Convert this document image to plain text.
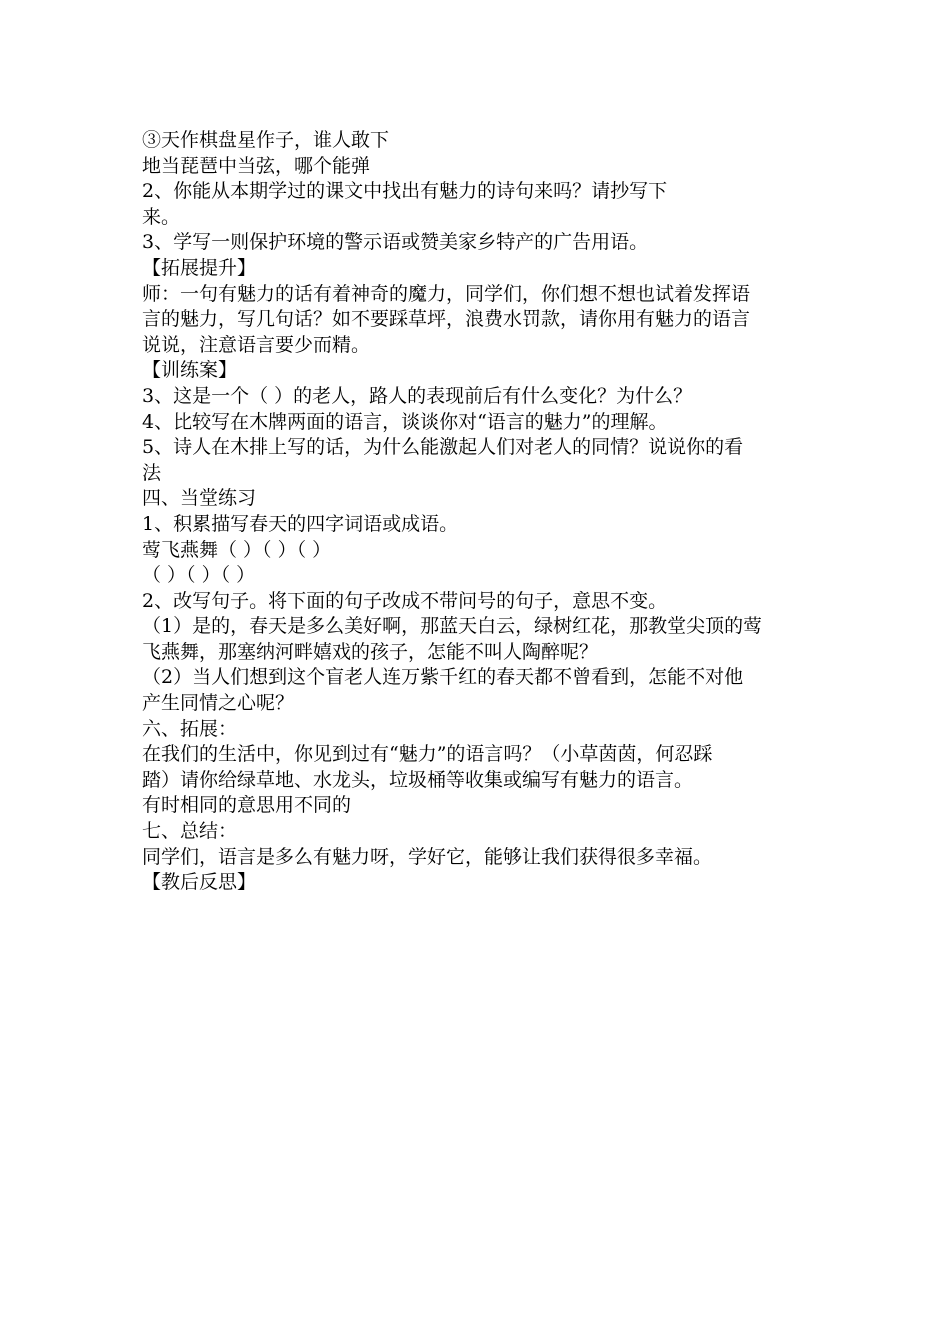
③天作棋盘星作子，谁人敢下
地当琵琶中当弦，哪个能弹
2、你能从本期学过的课文中找出有魅力的诗句来吗？请抄写下
来。
3、学写一则保护环境的警示语或赞美家乡特产的广告用语。
【拓展提升】
师：一句有魅力的话有着神奇的魔力，同学们，你们想不想也试着发挥语
言的魅力，写几句话？如不要踩草坪，浪费水罚款，请你用有魅力的语言
说说，注意语言要少而精。
【训练案】
3、这是一个（ ）的老人，路人的表现前后有什么变化？为什么？
4、比较写在木牌两面的语言，谈谈你对“语言的魅力”的理解。
5、诗人在木排上写的话，为什么能激起人们对老人的同情？说说你的看
法
四、当堂练习
1、积累描写春天的四字词语或成语。
莺飞燕舞（ ）（ ）（ ）
（ ）（ ）（ ）
2、改写句子。将下面的句子改成不带问号的句子，意思不变。
（1）是的，春天是多么美好啊，那蓝天白云，绿树红花，那教堂尖顶的莺
飞燕舞，那塞纳河畔嬉戏的孩子，怎能不叫人陶醉呢？
（2）当人们想到这个盲老人连万紫千红的春天都不曾看到，怎能不对他
产生同情之心呢？
六、拓展：
在我们的生活中，你见到过有“魅力”的语言吗？（小草茵茵，何忍踩
踏）请你给绿草地、水龙头，垃圾桶等收集或编写有魅力的语言。
有时相同的意思用不同的
七、总结：
同学们，语言是多么有魅力呀，学好它，能够让我们获得很多幸福。
【教后反思】
